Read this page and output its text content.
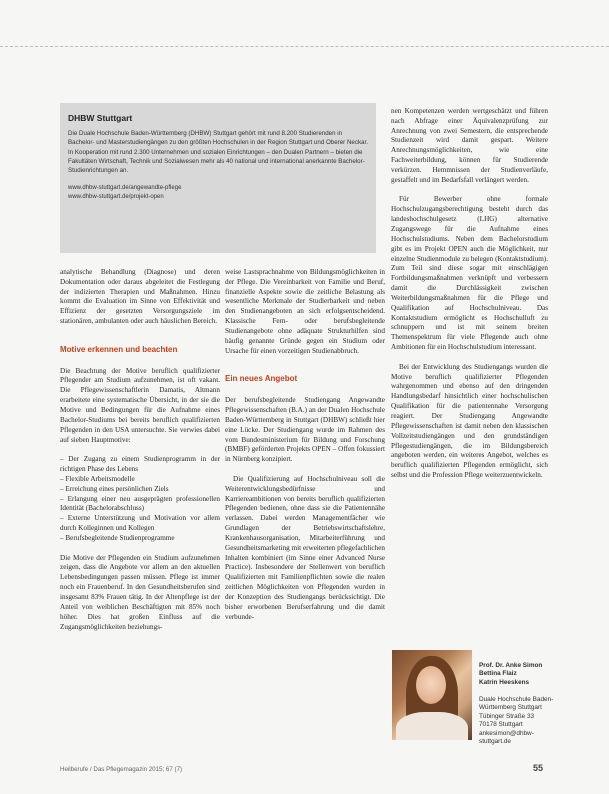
DHBW Stuttgart

Die Duale Hochschule Baden-Württemberg (DHBW) Stuttgart gehört mit rund 8.200 Studierenden in Bachelor- und Masterstudiengängen zu den größten Hochschulen in der Region Stuttgart und Oberer Neckar. In Kooperation mit rund 2.300 Unternehmen und sozialen Einrichtungen – den Dualen Partnern – bieten die Fakultäten Wirtschaft, Technik und Sozialwesen mehr als 40 national und international anerkannte Bachelor-Studienrichtungen an.

www.dhbw-stuttgart.de/angewandte-pflege
www.dhbw-stuttgart.de/projekt-open

analytische Behandlung (Diagnose) und deren Dokumentation oder daraus abgeleitet die Festlegung der indizierten Therapien und Maßnahmen. Hinzu kommt die Evaluation im Sinne von Effektivität und Effizienz der gesetzten Versorgungsziele im stationären, ambulanten oder auch häuslichen Bereich.

Motive erkennen und beachten

Die Beachtung der Motive beruflich qualifizierter Pflegender am Studium aufzunehmen, ist oft vakant. Die Pflegewissenschaftlerin Damatis, Altmann erarbeitete eine systematische Übersicht, in der sie die Motive und Bedingungen für die Aufnahme eines Bachelor-Studiums bei bereits beruflich qualifizierten Pflegenden in den USA untersuchte. Sie verwies dabei auf sieben Hauptmotive:

– Der Zugang zu einem Studienprogramm in der richtigen Phase des Lebens
– Flexible Arbeitsmodelle
– Erreichung eines persönlichen Ziels
– Erlangung einer neu ausgeprägten professionellen Identität (Bachelorabschluss)
– Externe Unterstützung und Motivation vor allem durch Kolleginnen und Kollegen
– Berufsbegleitende Studienprogramme

Die Motive der Pflegenden ein Studium aufzunehmen zeigen, dass die Angebote vor allem an den aktuellen Lebensbedingungen passen müssen. Pflege ist immer noch ein Frauenberuf. In den Gesundheitsberufen sind insgesamt 83% Frauen tätig. In der Altenpflege ist der Anteil von weiblichen Beschäftigten mit 85% noch höher. Dies hat großen Einfluss auf die Zugangsmöglichkeiten beziehungs-

weise Lastsprachnahme von Bildungsmöglichkeiten in der Pflege. Die Vereinbarkeit von Familie und Beruf, finanzielle Aspekte sowie die zeitliche Belastung als wesentliche Merkmale der Studierbarkeit und neben den Studienangeboten an sich erfolgsentscheidend. Klassische Fern- oder berufsbegleitende Studienangebote ohne adäquate Strukturhilfen sind häufig genannte Gründe gegen ein Studium oder Ursache für einen vorzeitigen Studienabbruch.

Ein neues Angebot

Der berufsbegleitende Studiengang Angewandte Pflegewissenschaften (B.A.) an der Dualen Hochschule Baden-Württemberg in Stuttgart (DHBW) schließt hier eine Lücke. Der Studiengang wurde im Rahmen des vom Bundesministerium für Bildung und Forschung (BMBF) geförderten Projekts OPEN – Offen fokussiert in Nürnberg konzipiert.

Die Qualifizierung auf Hochschulniveau soll die Weiterentwicklungsbedürfnisse und Karriereambitionen von bereits beruflich qualifizierten Pflegenden bedienen, ohne dass sie die Patientennähe verlassen. Dabei werden Managementfächer wie Grundlagen der Betriebswirtschaftslehre, Krankenhausorganisation, Mitarbeiterführung und Gesundheitsmarketing mit erweiterten pflegefachlichen Inhalten kombiniert (im Sinne einer Advanced Nurse Practice). Insbesondere der Stellenwert von beruflich Qualifizierten mit Familienpflichten sowie die realen zeitlichen Möglichkeiten von Pflegenden wurden in der Konzeption des Studiengangs berücksichtigt. Die bisher erworbenen Berufserfahrung und die damit verbunde-

nen Kompetenzen werden wertgeschätzt und führen nach Abfrage einer Äquivalenzprüfung zur Anrechnung von zwei Semestern, die entsprechende Studienzeit wird damit gespart. Weitere Anrechnungsmöglichkeiten, wie eine Fachweiterbildung, können für Studierende verkürzen. Hemmnissen der Studienverläufe, gestaffelt und im Bedarfsfall verlängert werden.

Für Bewerber ohne formale Hochschulzugangsberechtigung besteht durch das landeshochschulgesetz (LHG) alternative Zugangswege für die Aufnahme eines Hochschulstudiums. Neben dem Bachelorstudium gibt es im Projekt OPEN auch die Möglichkeit, nur einzelne Studienmodule zu belegen (Kontaktstudium). Zum Teil sind diese sogar mit einschlägigen Fortbildungsmaßnahmen verknüpft und verbessern damit die Durchlässigkeit zwischen Weiterbildungsmaßnahmen für die Pflege und Qualifikation auf Hochschulniveau. Das Kontaktstudium ermöglicht es Hochschulluft zu schnuppern und ist mit seinem breiten Themenspektrum für viele Pflegende auch ohne Ambitionen für ein Hochschulstudium interessant.

Bei der Entwicklung des Studiengangs wurden die Motive beruflich qualifizierter Pflegenden wahrgenommen und ebenso auf den dringenden Handlungsbedarf hinsichtlich einer hochschulischen Qualifikation für die patientennahe Versorgung reagiert. Der Studiengang Angewandte Pflegewissenschaften ist damit neben den klassischen Vollzeitstudiengängen und den grundständigen Pflegestudiengängen, die im Bildungsbereich angeboten werden, ein weiteres Angebot, welches es beruflich qualifizierten Pflegenden ermöglicht, sich selbst und die Profession Pflege weiterzuentwickeln.

Prof. Dr. Anke Simon
Bettina Flaiz
Katrin Heeskens

Duale Hochschule Baden-Württemberg Stuttgart
Tübinger Straße 33
70178 Stuttgart
ankesimon@dhbw-stuttgart.de

Heilberufe / Das Pflegemagazin 2015; 67 (7)	55
